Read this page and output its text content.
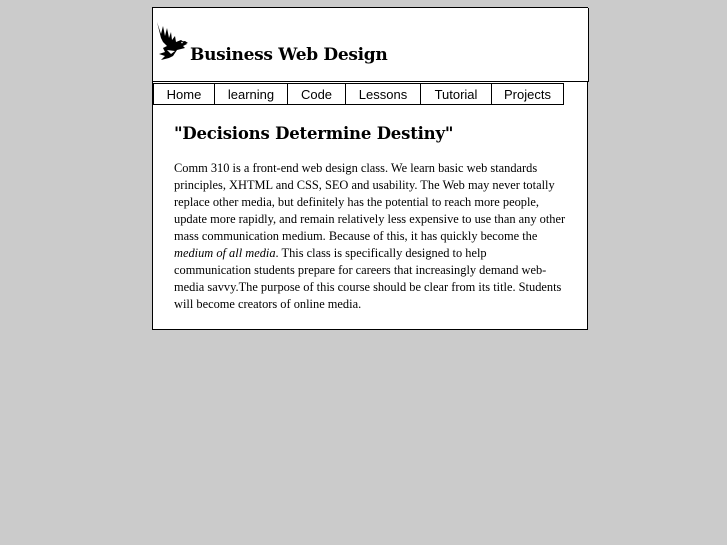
Business Web Design
Home	learning	Code	Lessons	Tutorial	Projects
"Decisions Determine Destiny"

Comm 310 is a front-end web design class. We learn basic web standards principles, XHTML and CSS, SEO and usability. The Web may never totally replace other media, but definitely has the potential to reach more people, update more rapidly, and remain relatively less expensive to use than any other mass communication medium. Because of this, it has quickly become the medium of all media. This class is specifically designed to help communication students prepare for careers that increasingly demand web-media savvy.The purpose of this course should be clear from its title. Students will become creators of online media.
